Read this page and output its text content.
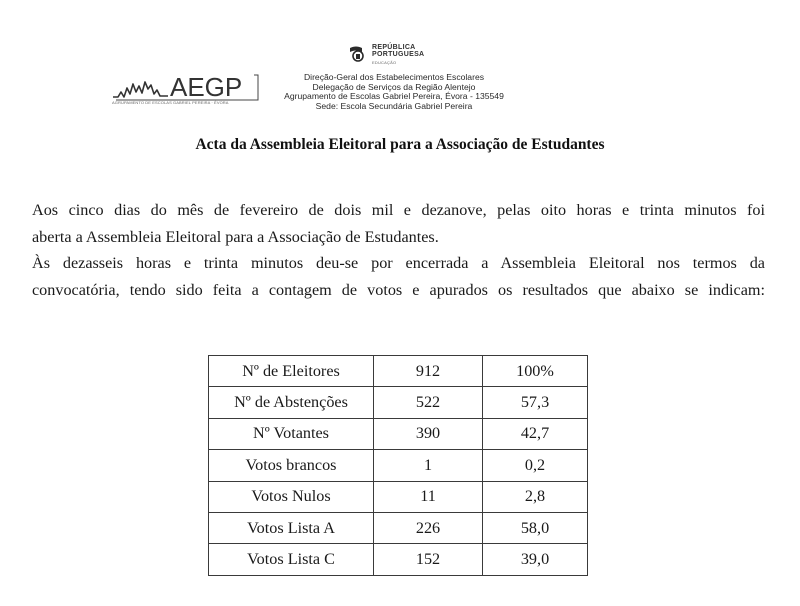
REPÚBLICA
PORTUGUESA
EDUCAÇÃO
AEGP
AGRUPAMENTO DE ESCOLAS GABRIEL PEREIRA · ÉVORA
Direção-Geral dos Estabelecimentos Escolares
Delegação de Serviços da Região Alentejo
Agrupamento de Escolas Gabriel Pereira, Évora - 135549
Sede: Escola Secundária Gabriel Pereira
Acta da Assembleia Eleitoral para a Associação de Estudantes
Aos cinco dias do mês de fevereiro de dois mil e dezanove, pelas oito horas e trinta minutos foi
aberta a Assembleia Eleitoral para a Associação de Estudantes.
Às dezasseis horas e trinta minutos deu-se por encerrada a Assembleia Eleitoral nos termos da
convocatória, tendo sido feita a contagem de votos e apurados os resultados que abaixo se indicam:
Nº de Eleitores	912	100%
Nº de Abstenções	522	57,3
Nº Votantes	390	42,7
Votos brancos	1	0,2
Votos Nulos	11	2,8
Votos Lista A	226	58,0
Votos Lista C	152	39,0
